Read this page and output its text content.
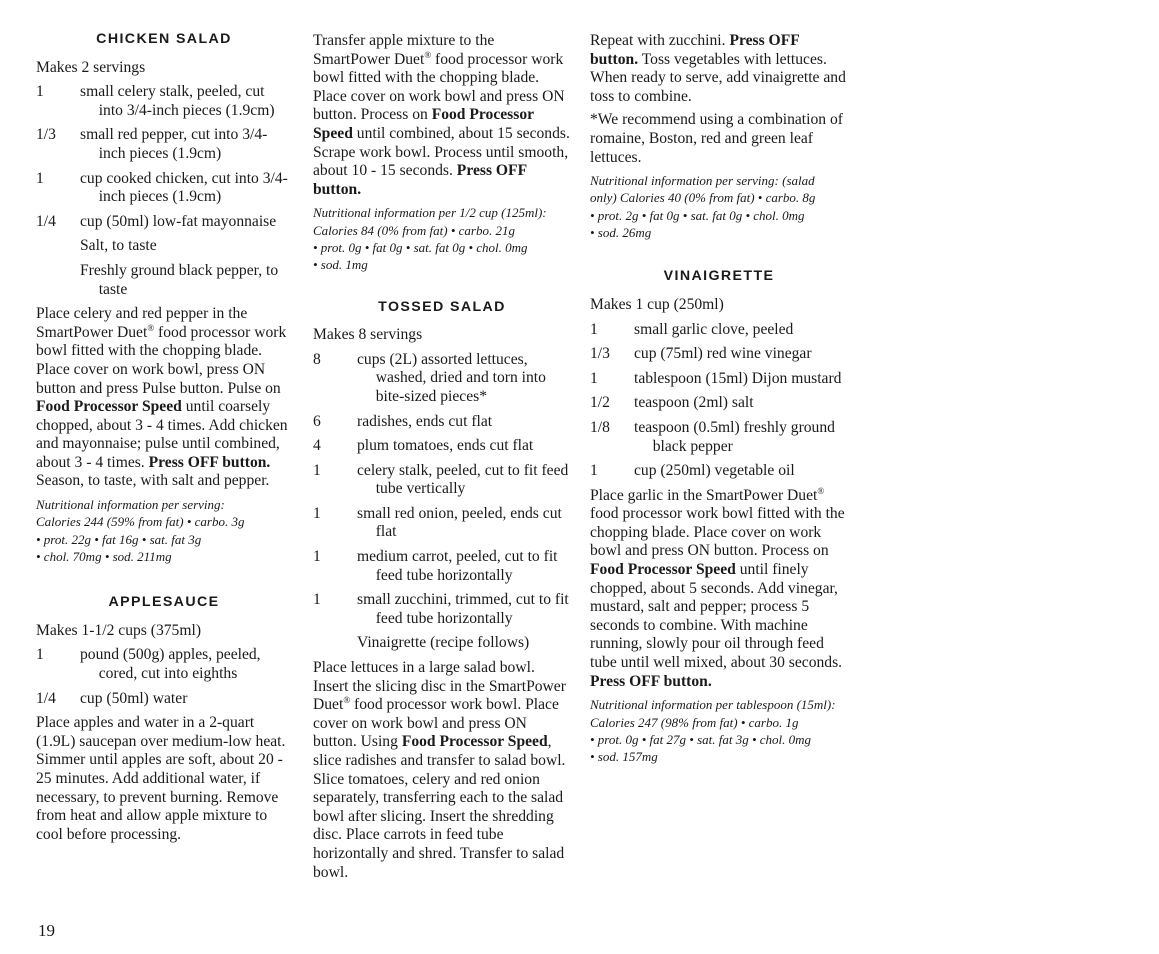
CHICKEN SALAD
Makes 2 servings
1	small celery stalk, peeled, cut into 3/4-inch pieces (1.9cm)
1/3	small red pepper, cut into 3/4-inch pieces (1.9cm)
1	cup cooked chicken, cut into 3/4-inch pieces (1.9cm)
1/4	cup (50ml) low-fat mayonnaise
Salt, to taste
Freshly ground black pepper, to taste

Place celery and red pepper in the SmartPower Duet® food processor work bowl fitted with the chopping blade. Place cover on work bowl, press ON button and press Pulse button. Pulse on Food Processor Speed until coarsely chopped, about 3 - 4 times. Add chicken and mayonnaise; pulse until combined, about 3 - 4 times. Press OFF button. Season, to taste, with salt and pepper.

Nutritional information per serving:
Calories 244 (59% from fat) • carbo. 3g
• prot. 22g • fat 16g • sat. fat 3g
• chol. 70mg • sod. 211mg
APPLESAUCE
Makes 1-1/2 cups (375ml)
1	pound (500g) apples, peeled, cored, cut into eighths
1/4	cup (50ml) water

Place apples and water in a 2-quart (1.9L) saucepan over medium-low heat. Simmer until apples are soft, about 20 - 25 minutes. Add additional water, if necessary, to prevent burning. Remove from heat and allow apple mixture to cool before processing.

Transfer apple mixture to the SmartPower Duet® food processor work bowl fitted with the chopping blade. Place cover on work bowl and press ON button. Process on Food Processor Speed until combined, about 15 seconds. Scrape work bowl. Process until smooth, about 10 - 15 seconds. Press OFF button.

Nutritional information per 1/2 cup (125ml):
Calories 84 (0% from fat) • carbo. 21g
• prot. 0g • fat 0g • sat. fat 0g • chol. 0mg
• sod. 1mg
TOSSED SALAD
Makes 8 servings
8	cups (2L) assorted lettuces, washed, dried and torn into bite-sized pieces*
6	radishes, ends cut flat
4	plum tomatoes, ends cut flat
1	celery stalk, peeled, cut to fit feed tube vertically
1	small red onion, peeled, ends cut flat
1	medium carrot, peeled, cut to fit feed tube horizontally
1	small zucchini, trimmed, cut to fit feed tube horizontally
Vinaigrette (recipe follows)

Place lettuces in a large salad bowl. Insert the slicing disc in the SmartPower Duet® food processor work bowl. Place cover on work bowl and press ON button. Using Food Processor Speed, slice radishes and transfer to salad bowl. Slice tomatoes, celery and red onion separately, transferring each to the salad bowl after slicing. Insert the shredding disc. Place carrots in feed tube horizontally and shred. Transfer to salad bowl.

Repeat with zucchini. Press OFF button. Toss vegetables with lettuces. When ready to serve, add vinaigrette and toss to combine.

*We recommend using a combination of romaine, Boston, red and green leaf lettuces.

Nutritional information per serving: (salad
only) Calories 40 (0% from fat) • carbo. 8g
• prot. 2g • fat 0g • sat. fat 0g • chol. 0mg
• sod. 26mg
VINAIGRETTE
Makes 1 cup (250ml)
1	small garlic clove, peeled
1/3	cup (75ml) red wine vinegar
1	tablespoon (15ml) Dijon mustard
1/2	teaspoon (2ml) salt
1/8	teaspoon (0.5ml) freshly ground black pepper
1	cup (250ml) vegetable oil

Place garlic in the SmartPower Duet® food processor work bowl fitted with the chopping blade. Place cover on work bowl and press ON button. Process on Food Processor Speed until finely chopped, about 5 seconds. Add vinegar, mustard, salt and pepper; process 5 seconds to combine. With machine running, slowly pour oil through feed tube until well mixed, about 30 seconds. Press OFF button.

Nutritional information per tablespoon (15ml):
Calories 247 (98% from fat) • carbo. 1g
• prot. 0g • fat 27g • sat. fat 3g • chol. 0mg
• sod. 157mg
19
